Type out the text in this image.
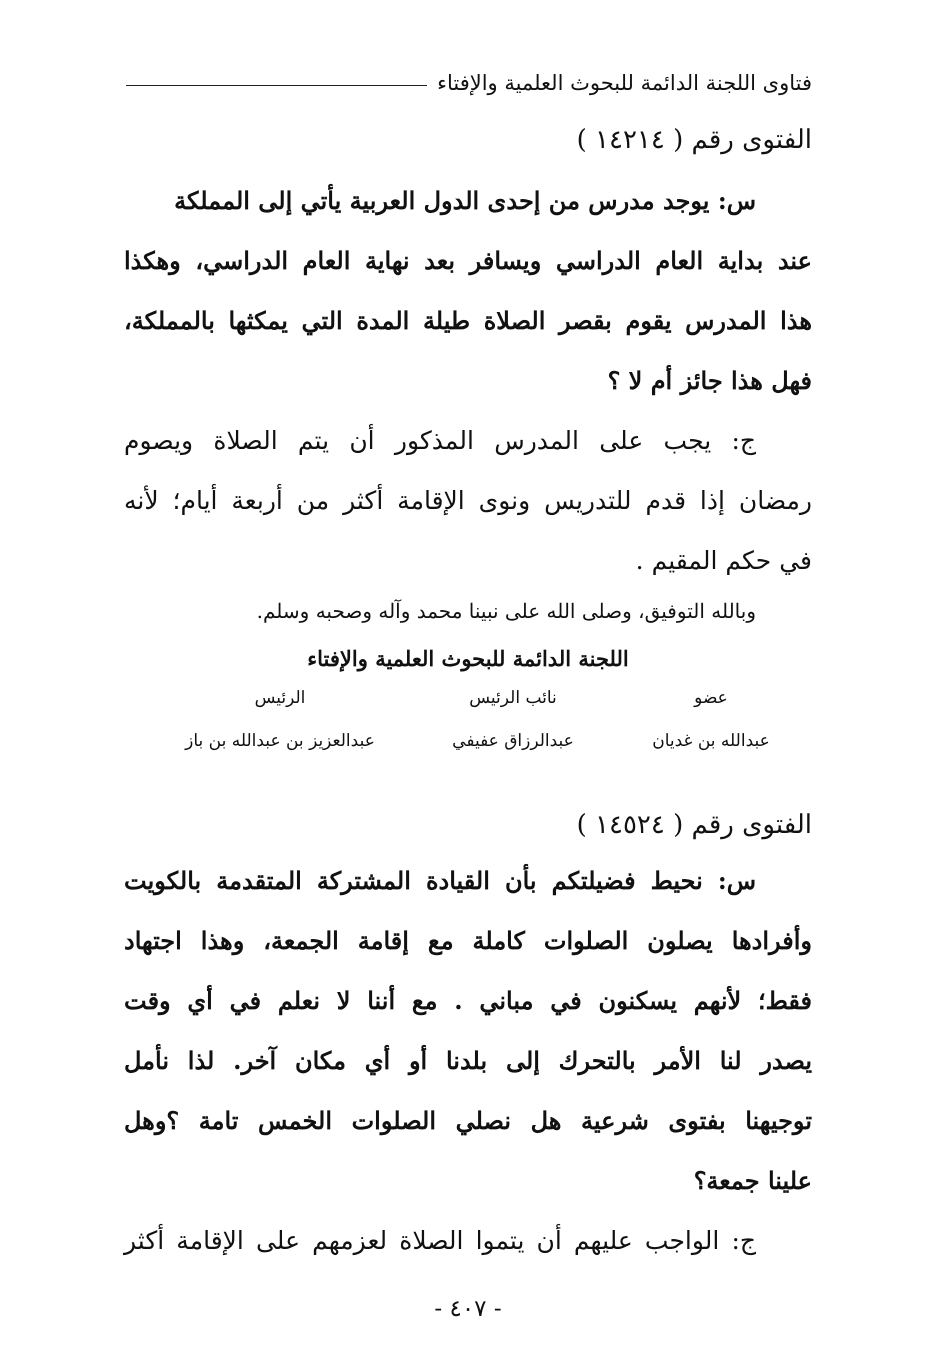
فتاوى اللجنة الدائمة للبحوث العلمية والإفتاء
الفتوى رقم ( ١٤٢١٤ )
س: يوجد مدرس من إحدى الدول العربية يأتي إلى المملكة
عند بداية العام الدراسي ويسافر بعد نهاية العام الدراسي، وهكذا
هذا المدرس يقوم بقصر الصلاة طيلة المدة التي يمكثها بالمملكة،
فهل هذا جائز أم لا ؟
ج: يجب على المدرس المذكور أن يتم الصلاة ويصوم
رمضان إذا قدم للتدريس ونوى الإقامة أكثر من أربعة أيام؛ لأنه
في حكم المقيم .
وبالله التوفيق، وصلى الله على نبينا محمد وآله وصحبه وسلم.
اللجنة الدائمة للبحوث العلمية والإفتاء
عضو
نائب الرئيس
الرئيس
عبدالله بن غديان
عبدالرزاق عفيفي
عبدالعزيز بن عبدالله بن باز
الفتوى رقم ( ١٤٥٢٤ )
س: نحيط فضيلتكم بأن القيادة المشتركة المتقدمة بالكويت
وأفرادها يصلون الصلوات كاملة مع إقامة الجمعة، وهذا اجتهاد
فقط؛ لأنهم يسكنون في مباني . مع أننا لا نعلم في أي وقت
يصدر لنا الأمر بالتحرك إلى بلدنا أو أي مكان آخر. لذا نأمل
توجيهنا بفتوى شرعية هل نصلي الصلوات الخمس تامة ؟وهل
علينا جمعة؟
ج: الواجب عليهم أن يتموا الصلاة لعزمهم على الإقامة أكثر
- ٤٠٧ -
